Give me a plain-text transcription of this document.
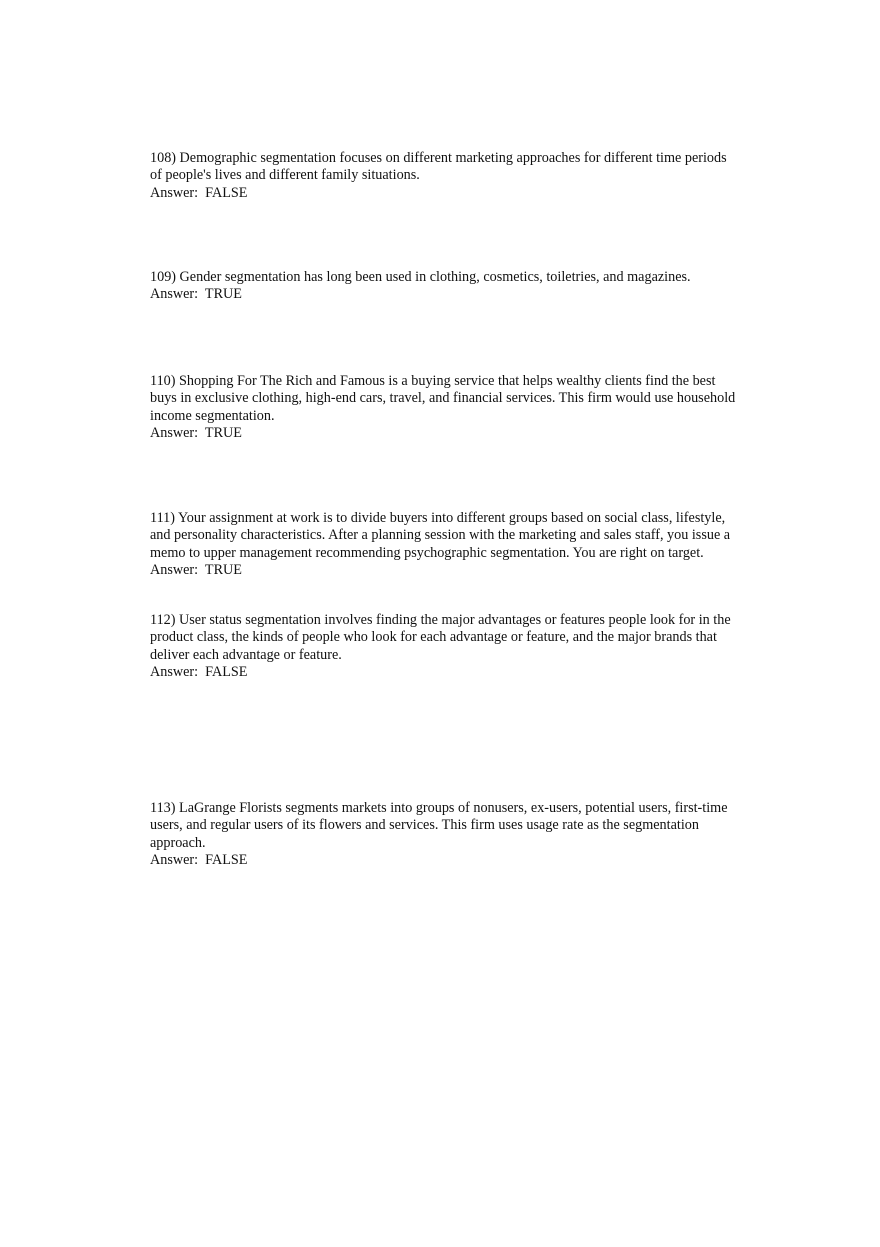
108) Demographic segmentation focuses on different marketing approaches for different time periods of people's lives and different family situations.

Answer: FALSE

109) Gender segmentation has long been used in clothing, cosmetics, toiletries, and magazines.

Answer: TRUE

110) Shopping For The Rich and Famous is a buying service that helps wealthy clients find the best buys in exclusive clothing, high-end cars, travel, and financial services. This firm would use household income segmentation.

Answer: TRUE

111) Your assignment at work is to divide buyers into different groups based on social class, lifestyle, and personality characteristics. After a planning session with the marketing and sales staff, you issue a memo to upper management recommending psychographic segmentation. You are right on target.

Answer: TRUE

112) User status segmentation involves finding the major advantages or features people look for in the product class, the kinds of people who look for each advantage or feature, and the major brands that deliver each advantage or feature.

Answer: FALSE

113) LaGrange Florists segments markets into groups of nonusers, ex-users, potential users, first-time users, and regular users of its flowers and services. This firm uses usage rate as the segmentation approach.

Answer: FALSE
